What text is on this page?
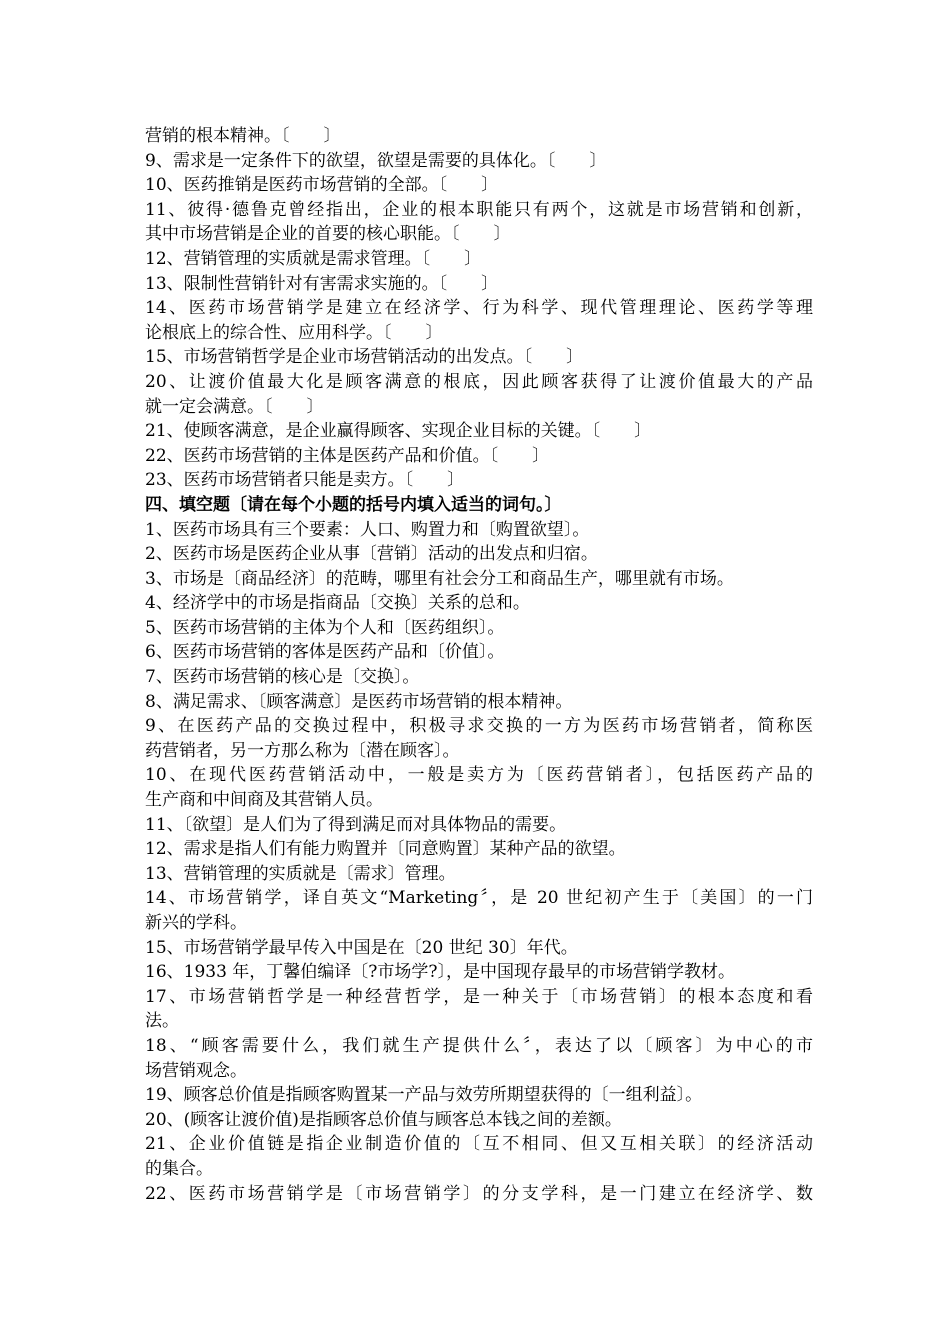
营销的根本精神。〔　　〕
9、需求是一定条件下的欲望，欲望是需要的具体化。〔　　〕
10、医药推销是医药市场营销的全部。〔　　〕
11、彼得·德鲁克曾经指出，企业的根本职能只有两个，这就是市场营销和创新，
其中市场营销是企业的首要的核心职能。〔　　〕
12、营销管理的实质就是需求管理。〔　　〕
13、限制性营销针对有害需求实施的。〔　　〕
14、医药市场营销学是建立在经济学、行为科学、现代管理理论、医药学等理
论根底上的综合性、应用科学。〔　　〕
15、市场营销哲学是企业市场营销活动的出发点。〔　　〕
20、让渡价值最大化是顾客满意的根底，因此顾客获得了让渡价值最大的产品
就一定会满意。〔　　〕
21、使顾客满意，是企业赢得顾客、实现企业目标的关键。〔　　〕
22、医药市场营销的主体是医药产品和价值。〔　　〕
23、医药市场营销者只能是卖方。〔　　〕
四、填空题〔请在每个小题的括号内填入适当的词句。〕
1、医药市场具有三个要素：人口、购置力和〔购置欲望〕。
2、医药市场是医药企业从事〔营销〕活动的出发点和归宿。
3、市场是〔商品经济〕的范畴，哪里有社会分工和商品生产，哪里就有市场。
4、经济学中的市场是指商品〔交换〕关系的总和。
5、医药市场营销的主体为个人和〔医药组织〕。
6、医药市场营销的客体是医药产品和〔价值〕。
7、医药市场营销的核心是〔交换〕。
8、满足需求、〔顾客满意〕是医药市场营销的根本精神。
9、在医药产品的交换过程中，积极寻求交换的一方为医药市场营销者，简称医
药营销者，另一方那么称为〔潜在顾客〕。
10、在现代医药营销活动中，一般是卖方为〔医药营销者〕，包括医药产品的
生产商和中间商及其营销人员。
11、〔欲望〕是人们为了得到满足而对具体物品的需要。
12、需求是指人们有能力购置并〔同意购置〕某种产品的欲望。
13、营销管理的实质就是〔需求〕管理。
14、市场营销学，译自英文“Marketing〞，是 20 世纪初产生于〔美国〕的一门
新兴的学科。
15、市场营销学最早传入中国是在〔20 世纪 30〕年代。
16、1933 年，丁馨伯编译〔?市场学?〕，是中国现存最早的市场营销学教材。
17、市场营销哲学是一种经营哲学，是一种关于〔市场营销〕的根本态度和看
法。
18、“顾客需要什么，我们就生产提供什么〞，表达了以〔顾客〕为中心的市
场营销观念。
19、顾客总价值是指顾客购置某一产品与效劳所期望获得的〔一组利益〕。
20、(顾客让渡价值)是指顾客总价值与顾客总本钱之间的差额。
21、企业价值链是指企业制造价值的〔互不相同、但又互相关联〕的经济活动
的集合。
22、医药市场营销学是〔市场营销学〕的分支学科，是一门建立在经济学、数
